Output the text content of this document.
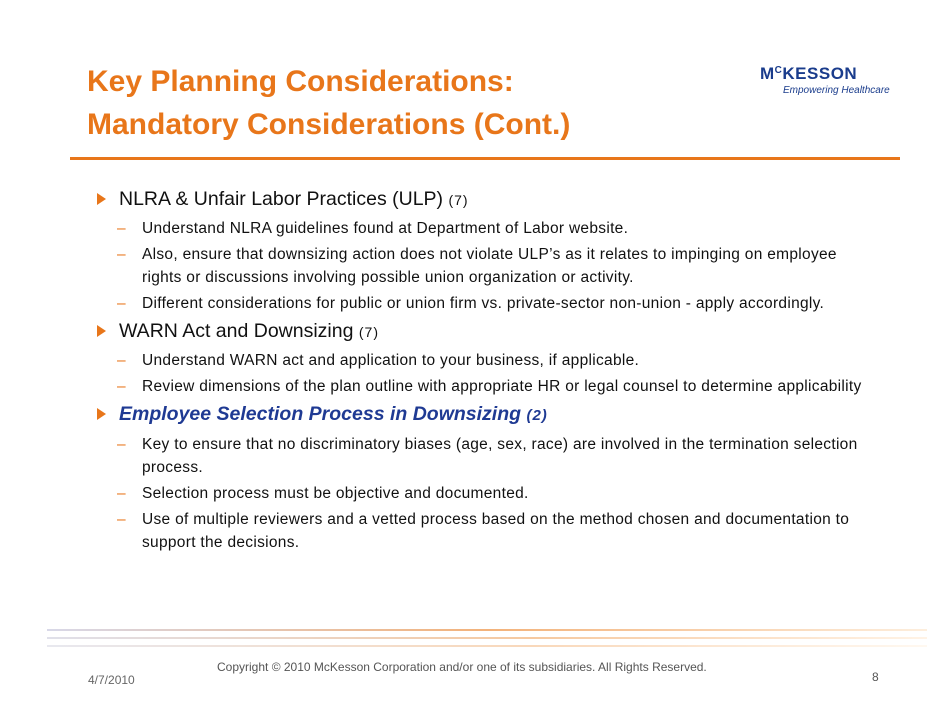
Key Planning Considerations:
Mandatory Considerations (Cont.)
$M^CKESSON$
Empowering Healthcare
NLRA & Unfair Labor Practices (ULP) (7)
– Understand NLRA guidelines found at Department of Labor website.
– Also, ensure that downsizing action does not violate ULP’s as it relates to impinging on employee rights or discussions involving possible union organization or activity.
– Different considerations for public or union firm vs. private-sector non-union - apply accordingly.
WARN Act and Downsizing (7)
– Understand WARN act and application to your business, if applicable.
– Review dimensions of the plan outline with appropriate HR or legal counsel to determine applicability
Employee Selection Process in Downsizing (2)
– Key to ensure that no discriminatory biases (age, sex, race) are involved in the termination selection process.
– Selection process must be objective and documented.
– Use of multiple reviewers and a vetted process based on the method chosen and documentation to support the decisions.
4/7/2010
Copyright © 2010 McKesson Corporation and/or one of its subsidiaries. All Rights Reserved.
8
